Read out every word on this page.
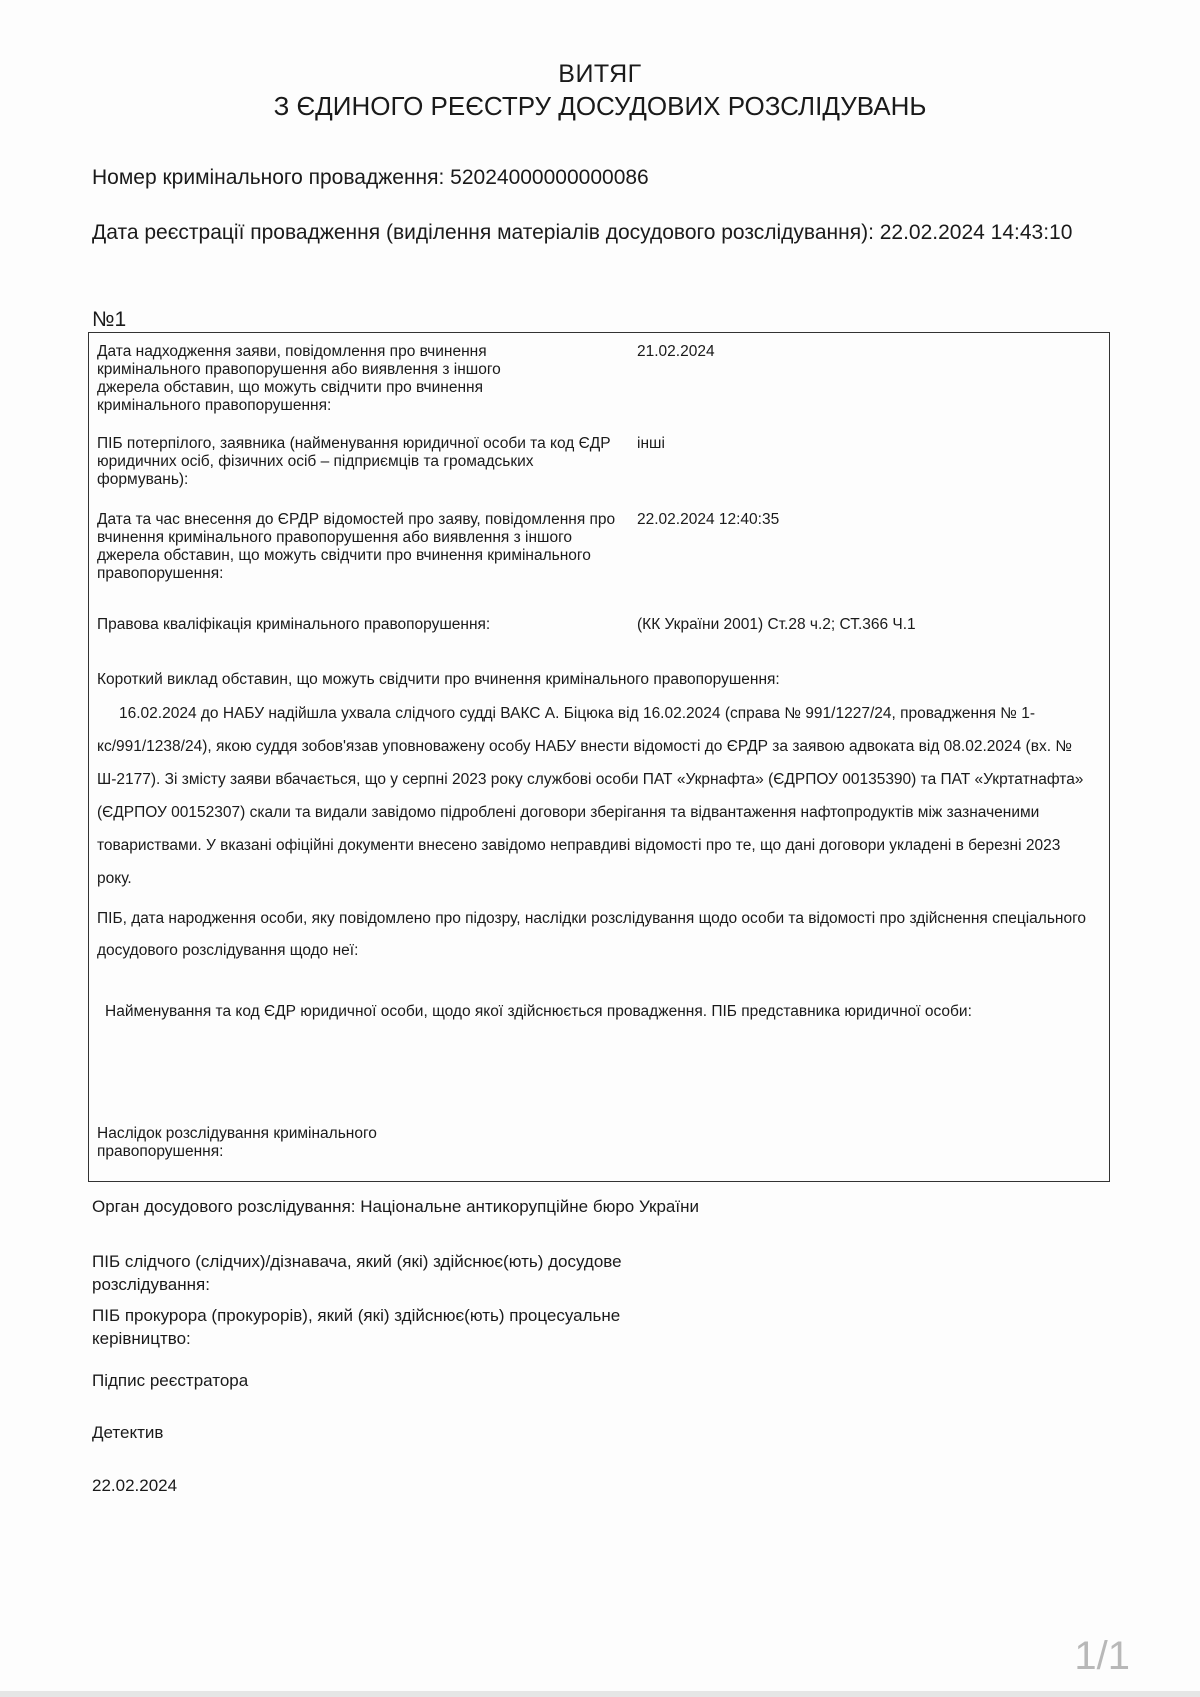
ВИТЯГ
З ЄДИНОГО РЕЄСТРУ ДОСУДОВИХ РОЗСЛІДУВАНЬ
Номер кримінального провадження: 52024000000000086
Дата реєстрації провадження (виділення матеріалів досудового розслідування): 22.02.2024 14:43:10
№1
Дата надходження заяви, повідомлення про вчинення кримінального правопорушення або виявлення з іншого джерела обставин, що можуть свідчити про вчинення кримінального правопорушення:
21.02.2024
ПІБ потерпілого, заявника (найменування юридичної особи та код ЄДР юридичних осіб, фізичних осіб – підприємців та громадських формувань):
інші
Дата та час внесення до ЄРДР відомостей про заяву, повідомлення про вчинення кримінального правопорушення або виявлення з іншого джерела обставин, що можуть свідчити про вчинення кримінального правопорушення:
22.02.2024 12:40:35
Правова кваліфікація кримінального правопорушення:	(КК України 2001) Ст.28 ч.2; СТ.366 Ч.1
Короткий виклад обставин, що можуть свідчити про вчинення кримінального правопорушення:
16.02.2024 до НАБУ надійшла ухвала слідчого судді ВАКС А. Біцюка від 16.02.2024 (справа № 991/1227/24, провадження № 1-кс/991/1238/24), якою суддя зобов'язав уповноважену особу НАБУ внести відомості до ЄРДР за заявою адвоката від 08.02.2024 (вх. № Ш-2177). Зі змісту заяви вбачається, що у серпні 2023 року службові особи ПАТ «Укрнафта» (ЄДРПОУ 00135390) та ПАТ «Укртатнафта» (ЄДРПОУ 00152307) скали та видали завідомо підроблені договори зберігання та відвантаження нафтопродуктів між зазначеними товариствами. У вказані офіційні документи внесено завідомо неправдиві відомості про те, що дані договори укладені в березні 2023 року.
ПІБ, дата народження особи, яку повідомлено про підозру, наслідки розслідування щодо особи та відомості про здійснення спеціального досудового розслідування щодо неї:
Найменування та код ЄДР юридичної особи, щодо якої здійснюється провадження. ПІБ представника юридичної особи:
Наслідок розслідування кримінального правопорушення:
Орган досудового розслідування: Національне антикорупційне бюро України
ПІБ слідчого (слідчих)/дізнавача, який (які) здійснює(ють) досудове розслідування:
ПІБ прокурора (прокурорів), який (які) здійснює(ють) процесуальне керівництво:
Підпис реєстратора
Детектив
22.02.2024
1/1
